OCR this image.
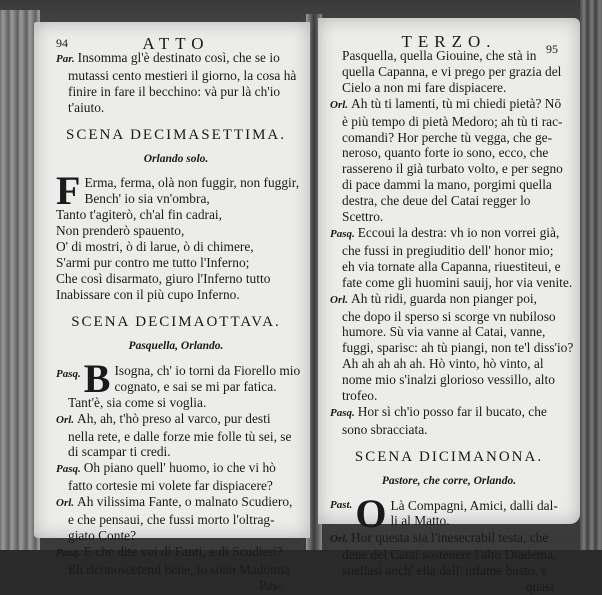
94	ATTO
Par. Insomma gl'è destinato così, che se io
mutassi cento mestieri il giorno, la cosa hà
finire in fare il becchino: và pur là ch'io
t'aiuto.
SCENA DECIMASETTIMA.
Orlando solo.
F Erma, ferma, olà non fuggir, non fuggir,
Bench' io sia vn'ombra,
Tanto t'agiterò, ch'al fin cadrai,
Non prenderò spauento,
O' di mostri, ò di larue, ò di chimere,
S'armi pur contro me tutto l'Inferno;
Che così disarmato, giuro l'Inferno tutto
Inabissare con il più cupo Inferno.
SCENA DECIMAOTTAVA.
Pasquella, Orlando.
Pasq. B Isogna, ch' io torni da Fiorello mio
cognato, e sai se mi par fatica.
Tant'è, sia come si voglia.
Orl. Ah, ah, t'hò preso al varco, pur desti
nella rete, e dalle forze mie folle tù sei, se
di scampar ti credi.
Pasq. Oh piano quell' huomo, io che vi hò
fatto cortesie mi volete far dispiacere?
Orl. Ah vilissima Fante, o malnato Scudiero,
e che pensaui, che fussi morto l'oltrag-
giato Conte?
Pasq. E che dite voi di Fanti, e di Scudieri?
Eh riconoscetemi bene, io sono Madonna
Pas-
TERZO.	95
Pasquella, quella Giouine, che stà in
quella Capanna, e vi prego per grazia del
Cielo a non mi fare dispiacere.
Orl. Ah tù ti lamenti, tù mi chiedi pietà? Nō
è più tempo di pietà Medoro; ah tù ti rac-
comandi? Hor perche tù vegga, che ge-
neroso, quanto forte io sono, ecco, che
rassereno il già turbato volto, e per segno
di pace dammi la mano, porgimi quella
destra, che deue del Catai regger lo
Scettro.
Pasq. Eccoui la destra: vh io non vorrei già,
che fussi in pregiuditio dell' honor mio;
eh via tornate alla Capanna, riuestiteui, e
fate come gli huomini sauij, hor via venite.
Orl. Ah tù ridi, guarda non pianger poi,
che dopo il sperso si scorge vn nubiloso
humore. Sù via vanne al Catai, vanne,
fuggi, sparisc: ah tù piangi, non te'l diss'io?
Ah ah ah ah ah. Hò vinto, hò vinto, al
nome mio s'inalzi glorioso vessillo, alto
trofeo.
Pasq. Hor sì ch'io posso far il bucato, che
sono sbracciata.
SCENA DICIMANONA.
Pastore, che corre, Orlando.
Past. O Là Compagni, Amici, dalli dal-
li al Matto.
Orl. Hor questa sia l'inesecrabil testa, che
deue del Catai sostenere l'alto Diadema,
suellasi anch' ella dall' infame busto, e
quasi
